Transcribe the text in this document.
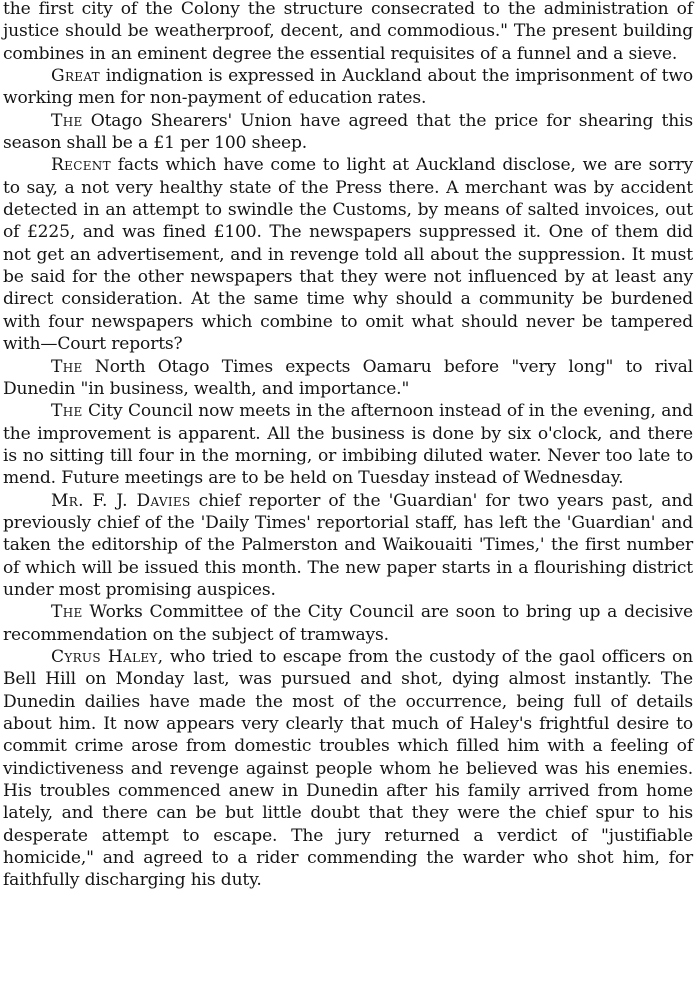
the first city of the Colony the structure consecrated to the administration of justice should be weatherproof, decent, and commodious." The present building combines in an eminent degree the essential requisites of a funnel and a sieve.

Great indignation is expressed in Auckland about the imprisonment of two working men for non-payment of education rates.

The Otago Shearers' Union have agreed that the price for shearing this season shall be a £1 per 100 sheep.

Recent facts which have come to light at Auckland disclose, we are sorry to say, a not very healthy state of the Press there. A merchant was by accident detected in an attempt to swindle the Customs, by means of salted invoices, out of £225, and was fined £100. The newspapers suppressed it. One of them did not get an advertisement, and in revenge told all about the suppression. It must be said for the other newspapers that they were not influenced by at least any direct consideration. At the same time why should a community be burdened with four newspapers which combine to omit what should never be tampered with—Court reports?

The North Otago Times expects Oamaru before "very long" to rival Dunedin "in business, wealth, and importance."

The City Council now meets in the afternoon instead of in the evening, and the improvement is apparent. All the business is done by six o'clock, and there is no sitting till four in the morning, or imbibing diluted water. Never too late to mend. Future meetings are to be held on Tuesday instead of Wednesday.

Mr. F. J. Davies chief reporter of the 'Guardian' for two years past, and previously chief of the 'Daily Times' reportorial staff, has left the 'Guardian' and taken the editorship of the Palmerston and Waikouaiti 'Times,' the first number of which will be issued this month. The new paper starts in a flourishing district under most promising auspices.

The Works Committee of the City Council are soon to bring up a decisive recommendation on the subject of tramways.

Cyrus Haley, who tried to escape from the custody of the gaol officers on Bell Hill on Monday last, was pursued and shot, dying almost instantly. The Dunedin dailies have made the most of the occurrence, being full of details about him. It now appears very clearly that much of Haley's frightful desire to commit crime arose from domestic troubles which filled him with a feeling of vindictiveness and revenge against people whom he believed was his enemies. His troubles commenced anew in Dunedin after his family arrived from home lately, and there can be but little doubt that they were the chief spur to his desperate attempt to escape. The jury returned a verdict of "justifiable homicide," and agreed to a rider commending the warder who shot him, for faithfully discharging his duty.
